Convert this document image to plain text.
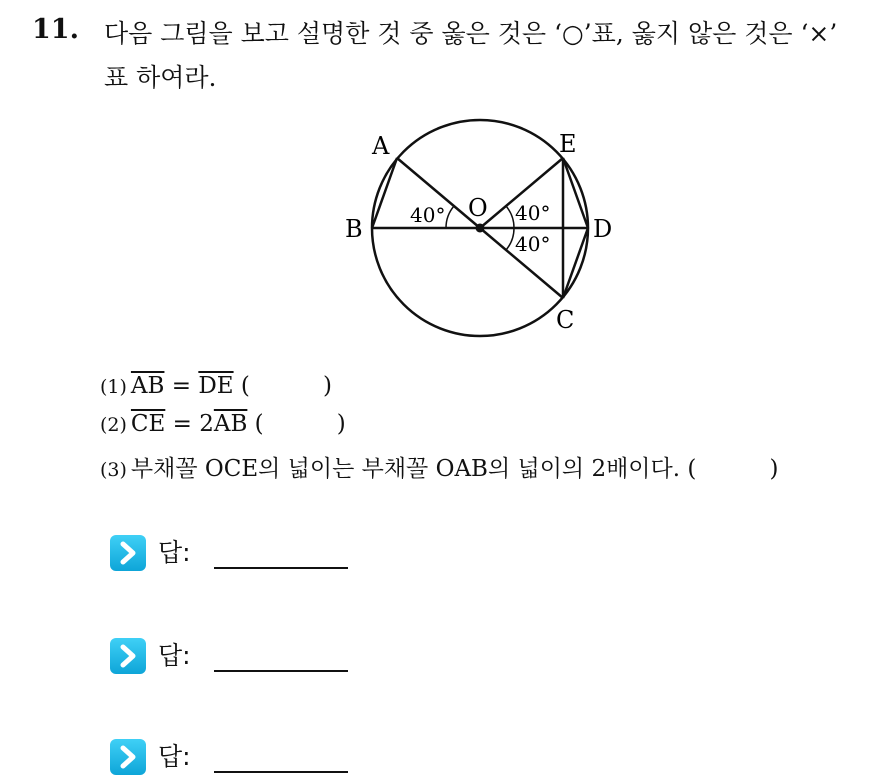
11. 다음 그림을 보고 설명한 것 중 옳은 것은 ‘○’표, 옳지 않은 것은 ‘×’
표 하여라.
A	E
B	D
O
C
40°	40°
40°
(1) $\overline{AB} = \overline{DE}$ (          )
(2) $\overline{CE} = 2\overline{AB}$ (          )
(3) 부채꼴 OCE의 넓이는 부채꼴 OAB의 넓이의 2배이다. (          )
답:
답:
답:
